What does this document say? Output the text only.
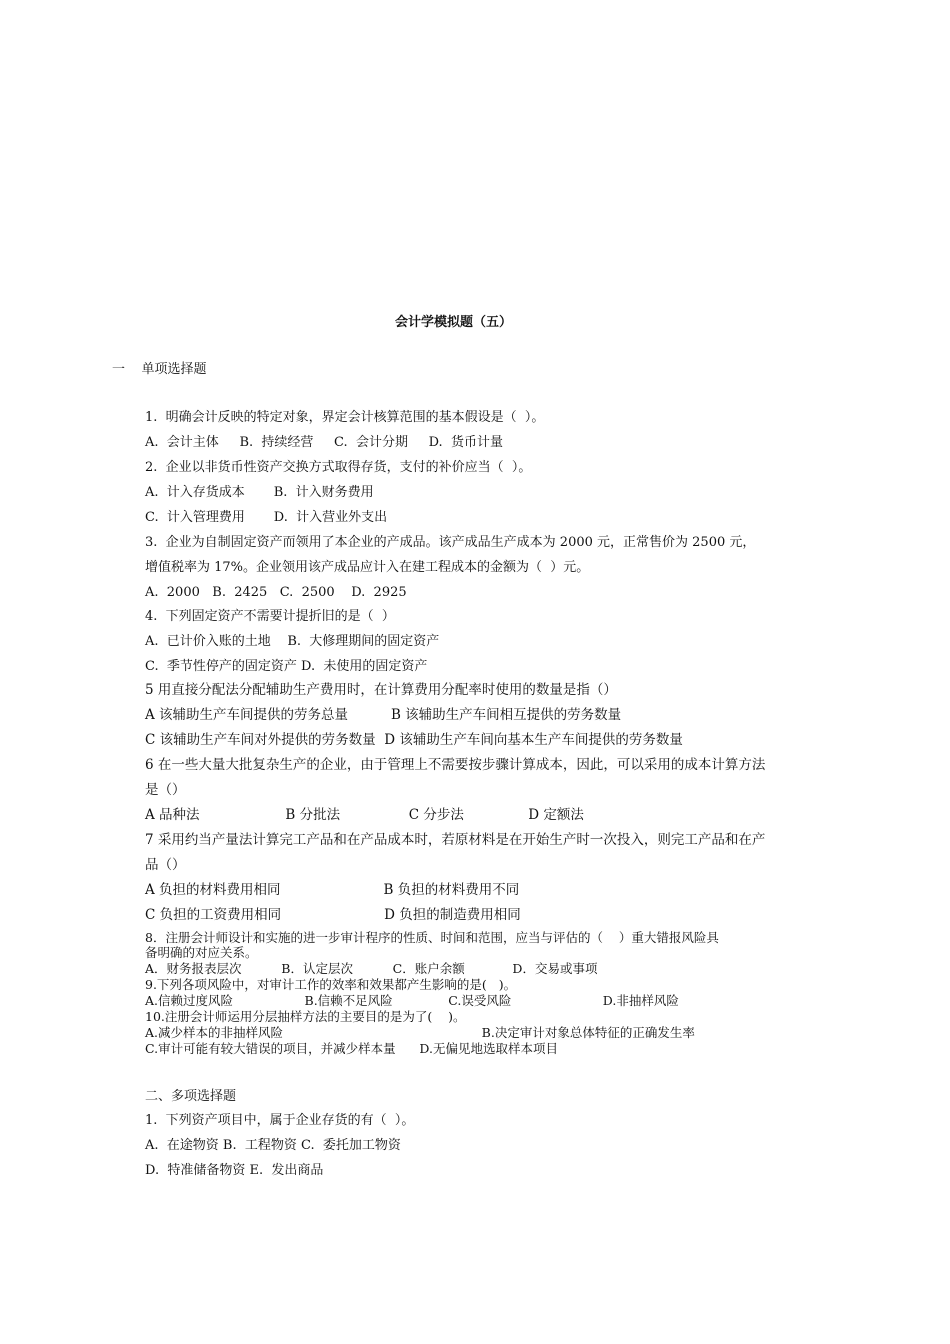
会计学模拟题（五）
一    单项选择题
1.  明确会计反映的特定对象，界定会计核算范围的基本假设是（  ）。
A.  会计主体     B.  持续经营     C.  会计分期     D.  货币计量
2.  企业以非货币性资产交换方式取得存货，支付的补价应当（  ）。
A.  计入存货成本       B.  计入财务费用
C.  计入管理费用       D.  计入营业外支出
3.  企业为自制固定资产而领用了本企业的产成品。该产成品生产成本为 2000 元，正常售价为 2500 元，
增值税率为 17%。企业领用该产成品应计入在建工程成本的金额为（  ）元。
A.  2000   B.  2425   C.  2500    D.  2925
4.  下列固定资产不需要计提折旧的是（  ）
A.  已计价入账的土地    B.  大修理期间的固定资产
C.  季节性停产的固定资产 D.  未使用的固定资产
5 用直接分配法分配辅助生产费用时，在计算费用分配率时使用的数量是指（）
A 该辅助生产车间提供的劳务总量          B 该辅助生产车间相互提供的劳务数量
C 该辅助生产车间对外提供的劳务数量  D 该辅助生产车间向基本生产车间提供的劳务数量
6 在一些大量大批复杂生产的企业，由于管理上不需要按步骤计算成本，因此，可以采用的成本计算方法
是（）
A 品种法                    B 分批法                C 分步法               D 定额法
7 采用约当产量法计算完工产品和在产品成本时，若原材料是在开始生产时一次投入，则完工产品和在产
品（）
A 负担的材料费用相同                        B 负担的材料费用不同
C 负担的工资费用相同                        D 负担的制造费用相同
8．注册会计师设计和实施的进一步审计程序的性质、时间和范围，应当与评估的（    ）重大错报风险具
备明确的对应关系。
A．财务报表层次          B．认定层次          C．账户余额            D．交易或事项
9.下列各项风险中，对审计工作的效率和效果都产生影响的是(   )。
A.信赖过度风险                  B.信赖不足风险              C.误受风险                       D.非抽样风险
10.注册会计师运用分层抽样方法的主要目的是为了(    )。
A.减少样本的非抽样风险                                                  B.决定审计对象总体特征的正确发生率
C.审计可能有较大错误的项目，并减少样本量      D.无偏见地选取样本项目
二、多项选择题
1.  下列资产项目中，属于企业存货的有（  ）。
A.  在途物资 B.  工程物资 C.  委托加工物资
D.  特准储备物资 E.  发出商品
